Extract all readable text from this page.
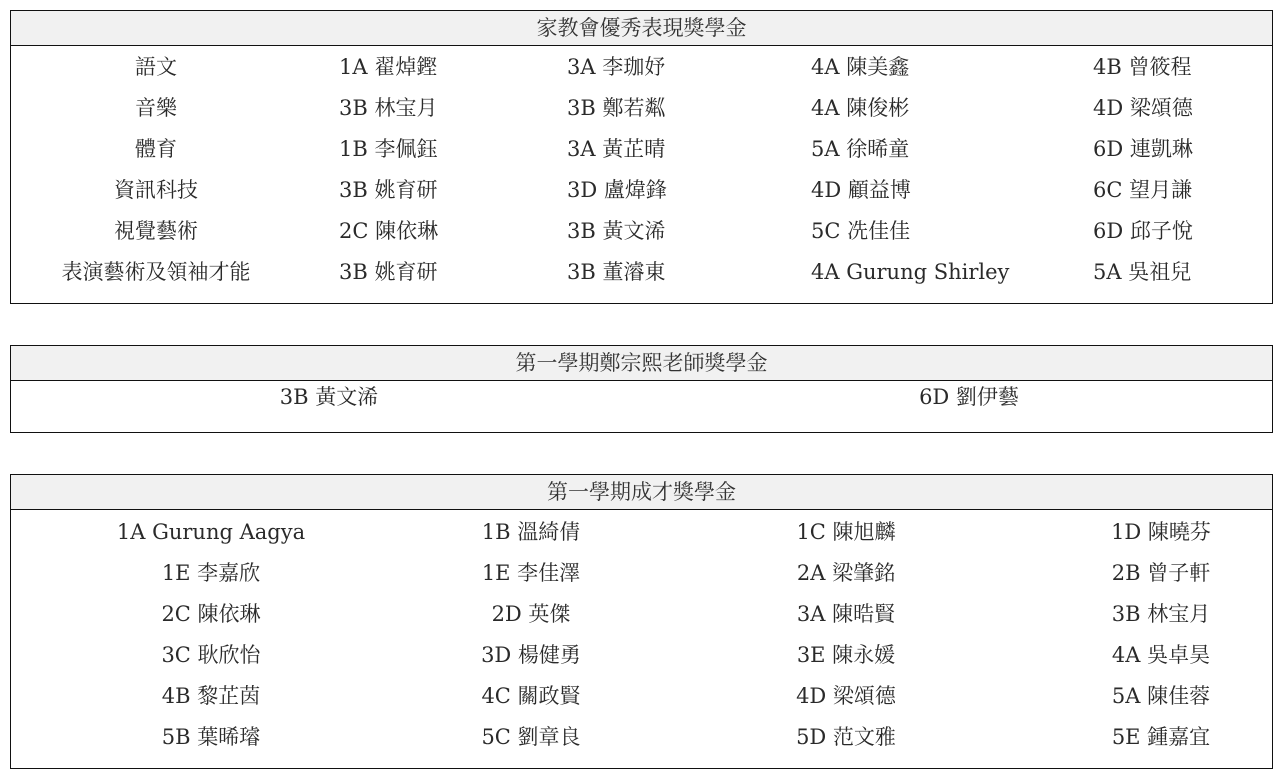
家教會優秀表現獎學金
語文	1A 翟焯鏗	3A 李珈妤	4A 陳美鑫	4B 曾筱程
音樂	3B 林宝月	3B 鄭若粼	4A 陳俊彬	4D 梁頌德
體育	1B 李佩鈺	3A 黃芷晴	5A 徐晞童	6D 連凱琳
資訊科技	3B 姚育研	3D 盧煒鋒	4D 顧益博	6C 望月謙
視覺藝術	2C 陳依琳	3B 黃文浠	5C 冼佳佳	6D 邱子悅
表演藝術及領袖才能	3B 姚育研	3B 董濬東	4A Gurung Shirley	5A 吳祖兒
第一學期鄭宗熙老師獎學金
3B 黃文浠	6D 劉伊藝
第一學期成才獎學金
1A Gurung Aagya	1B 溫綺倩	1C 陳旭麟	1D 陳曉芬
1E 李嘉欣	1E 李佳澤	2A 梁肇銘	2B 曾子軒
2C 陳依琳	2D 英傑	3A 陳晧賢	3B 林宝月
3C 耿欣怡	3D 楊健勇	3E 陳永媛	4A 吳卓昊
4B 黎芷茵	4C 關政賢	4D 梁頌德	5A 陳佳蓉
5B 葉晞璿	5C 劉章良	5D 范文雅	5E 鍾嘉宜
